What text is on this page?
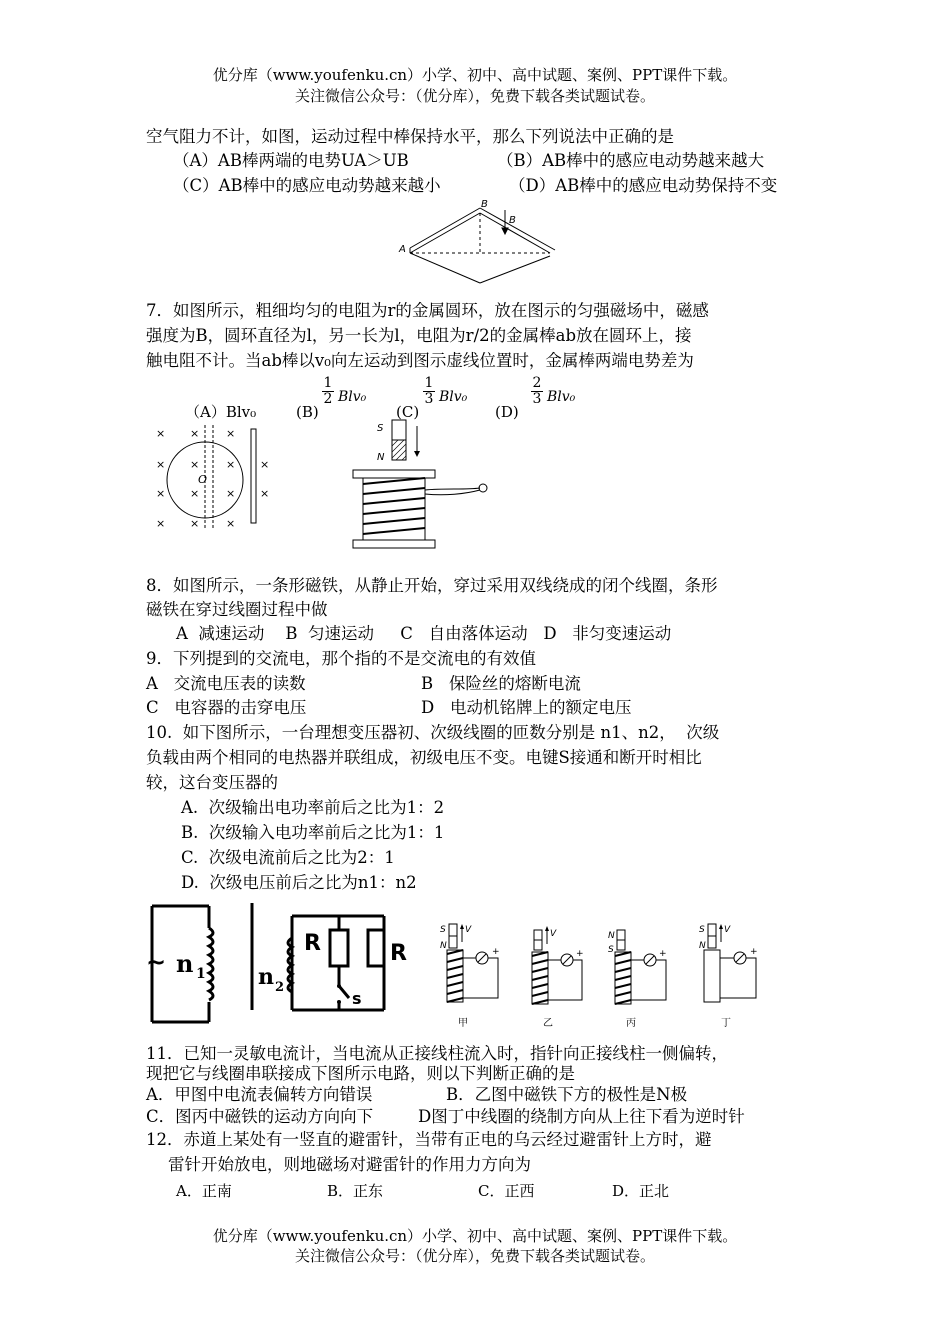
优分库（www.youfenku.cn）小学、初中、高中试题、案例、PPT课件下载。
关注微信公众号：（优分库），免费下载各类试题试卷。
空气阻力不计，如图，运动过程中棒保持水平，那么下列说法中正确的是
（A）AB棒两端的电势UA＞UB	（B）AB棒中的感应电动势越来越大
（C）AB棒中的感应电动势越来越小	（D）AB棒中的感应电动势保持不变
A
B
B
7．如图所示，粗细均匀的电阻为r的金属圆环，放在图示的匀强磁场中，磁感
强度为B，圆环直径为l，另一长为l，电阻为r/2的金属棒ab放在圆环上，接
触电阻不计。当ab棒以v₀向左运动到图示虚线位置时，金属棒两端电势差为
（A）Blv₀	(B)
$\frac{1}{2} Blv_0$
(C)
$\frac{1}{3} Blv_0$
(D)
$\frac{2}{3} Blv_0$
× × ×
× × ×
× × ×
× × ×
×
×
O
S
N
8．如图所示，一条形磁铁，从静止开始，穿过采用双线绕成的闭个线圈，条形
磁铁在穿过线圈过程中做
A  减速运动    B  匀速运动     C   自由落体运动   D   非匀变速运动
9．下列提到的交流电，那个指的不是交流电的有效值
A   交流电压表的读数	B   保险丝的熔断电流
C   电容器的击穿电压	D   电动机铭牌上的额定电压
10.  如下图所示，一台理想变压器初、次级线圈的匝数分别是 n1、n2，  次级
负载由两个相同的电热器并联组成，初级电压不变。电键S接通和断开时相比
较，这台变压器的
A.  次级输出电功率前后之比为1：2
B.  次级输入电功率前后之比为1：1
C.  次级电流前后之比为2：1
D.  次级电压前后之比为n1：n2
~ n 1 n 2
R	R
s
S
N
V
+
V
+
N
S	+
S
N
V
+
甲	乙	丙	丁
11．已知一灵敏电流计，当电流从正接线柱流入时，指针向正接线柱一侧偏转，
现把它与线圈串联接成下图所示电路，则以下判断正确的是
A．甲图中电流表偏转方向错误	B．乙图中磁铁下方的极性是N极
C．图丙中磁铁的运动方向向下	D图丁中线圈的绕制方向从上往下看为逆时针
12．赤道上某处有一竖直的避雷针，当带有正电的乌云经过避雷针上方时，避
雷针开始放电，则地磁场对避雷针的作用力方向为
A．正南	B．正东	C．正西	D．正北
优分库（www.youfenku.cn）小学、初中、高中试题、案例、PPT课件下载。
关注微信公众号：（优分库），免费下载各类试题试卷。
